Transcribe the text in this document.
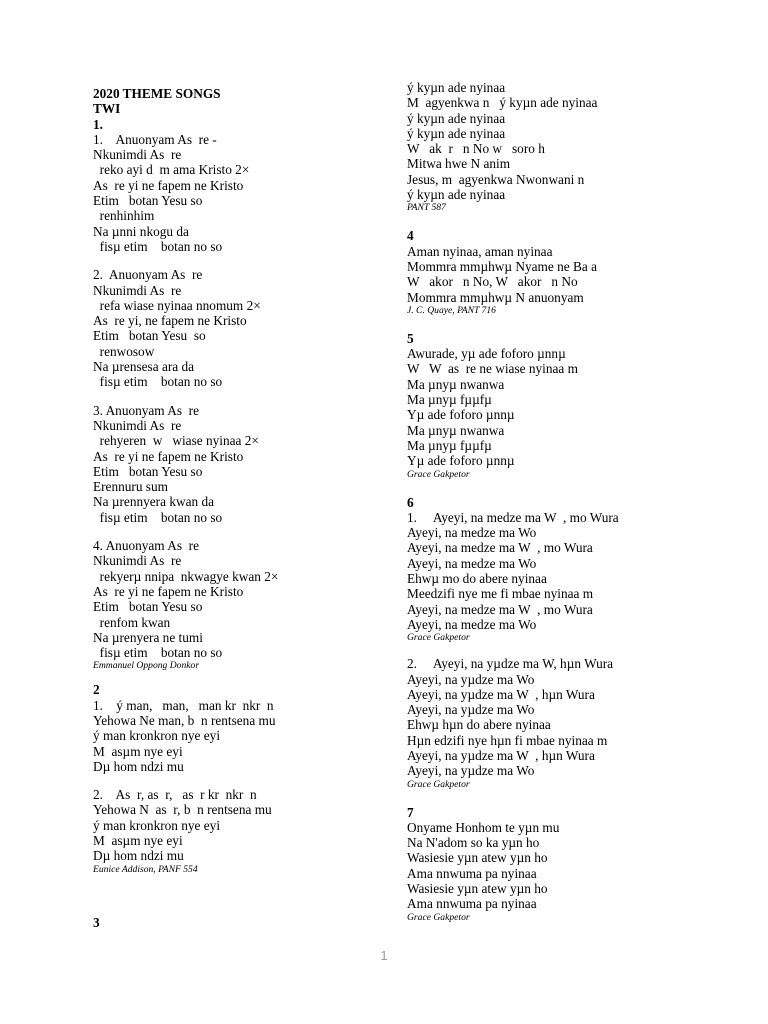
2020 THEME SONGS
TWI
1.
1.    Anuonyam As  re -
Nkunimdi As  re
reko ayi d  m ama Kristo 2×
As  re yi ne fapem ne Kristo
Etim   botan Yesu so
renhinhim
Na µnni nkogu da
fisµ etim    botan no so
2.  Anuonyam As  re
Nkunimdi As  re
refa wiase nyinaa nnomum 2×
As  re yi, ne fapem ne Kristo
Etim   botan Yesu  so
renwosow
Na µrensesa ara da
fisµ etim    botan no so
3. Anuonyam As  re
Nkunimdi As  re
rehyeren  w   wiase nyinaa 2×
As  re yi ne fapem ne Kristo
Etim   botan Yesu so
Erennuru sum
Na µrennyera kwan da
fisµ etim    botan no so
4. Anuonyam As  re
Nkunimdi As  re
rekyerµ nnipa  nkwagye kwan 2×
As  re yi ne fapem ne Kristo
Etim   botan Yesu so
renfom kwan
Na µrenyera ne tumi
fisµ etim    botan no so
Emmanuel Oppong Donkor
2
1.    ý man,   man,   man kr  nkr  n
Yehowa Ne man, b  n rentsena mu
ý man kronkron nye eyi
M  asµm nye eyi
Dµ hom ndzi mu
2.    As  r, as  r,   as  r kr  nkr  n
Yehowa N  as  r, b  n rentsena mu
ý man kronkron nye eyi
M  asµm nye eyi
Dµ hom ndzi mu
Eunice Addison, PANF 554
3
ý kyµn ade nyinaa
M  agyenkwa n   ý kyµn ade nyinaa
ý kyµn ade nyinaa
ý kyµn ade nyinaa
W   ak  r   n No w   soro h
Mitwa hwe N anim
Jesus, m  agyenkwa Nwonwani n
ý kyµn ade nyinaa
PANT 587
4
Aman nyinaa, aman nyinaa
Mommra mmµhwµ Nyame ne Ba a
W   akor   n No, W   akor   n No
Mommra mmµhwµ N anuonyam
J. C. Quaye, PANT 716
5
Awurade, yµ ade foforo µnnµ
W   W  as  re ne wiase nyinaa m
Ma µnyµ nwanwa
Ma µnyµ fµµfµ
Yµ ade foforo µnnµ
Ma µnyµ nwanwa
Ma µnyµ fµµfµ
Yµ ade foforo µnnµ
Grace Gakpetor
6
1.     Ayeyi, na medze ma W  , mo Wura
Ayeyi, na medze ma Wo
Ayeyi, na medze ma W  , mo Wura
Ayeyi, na medze ma Wo
Ehwµ mo do abere nyinaa
Meedzifi nye me fi mbae nyinaa m
Ayeyi, na medze ma W  , mo Wura
Ayeyi, na medze ma Wo
Grace Gakpetor
2.     Ayeyi, na yµdze ma W, hµn Wura
Ayeyi, na yµdze ma Wo
Ayeyi, na yµdze ma W  , hµn Wura
Ayeyi, na yµdze ma Wo
Ehwµ hµn do abere nyinaa
Hµn edzifi nye hµn fi mbae nyinaa m
Ayeyi, na yµdze ma W  , hµn Wura
Ayeyi, na yµdze ma Wo
Grace Gakpetor
7
Onyame Honhom te yµn mu
Na N'adom so ka yµn ho
Wasiesie yµn atew yµn ho
Ama nnwuma pa nyinaa
Wasiesie yµn atew yµn ho
Ama nnwuma pa nyinaa
Grace Gakpetor
1
